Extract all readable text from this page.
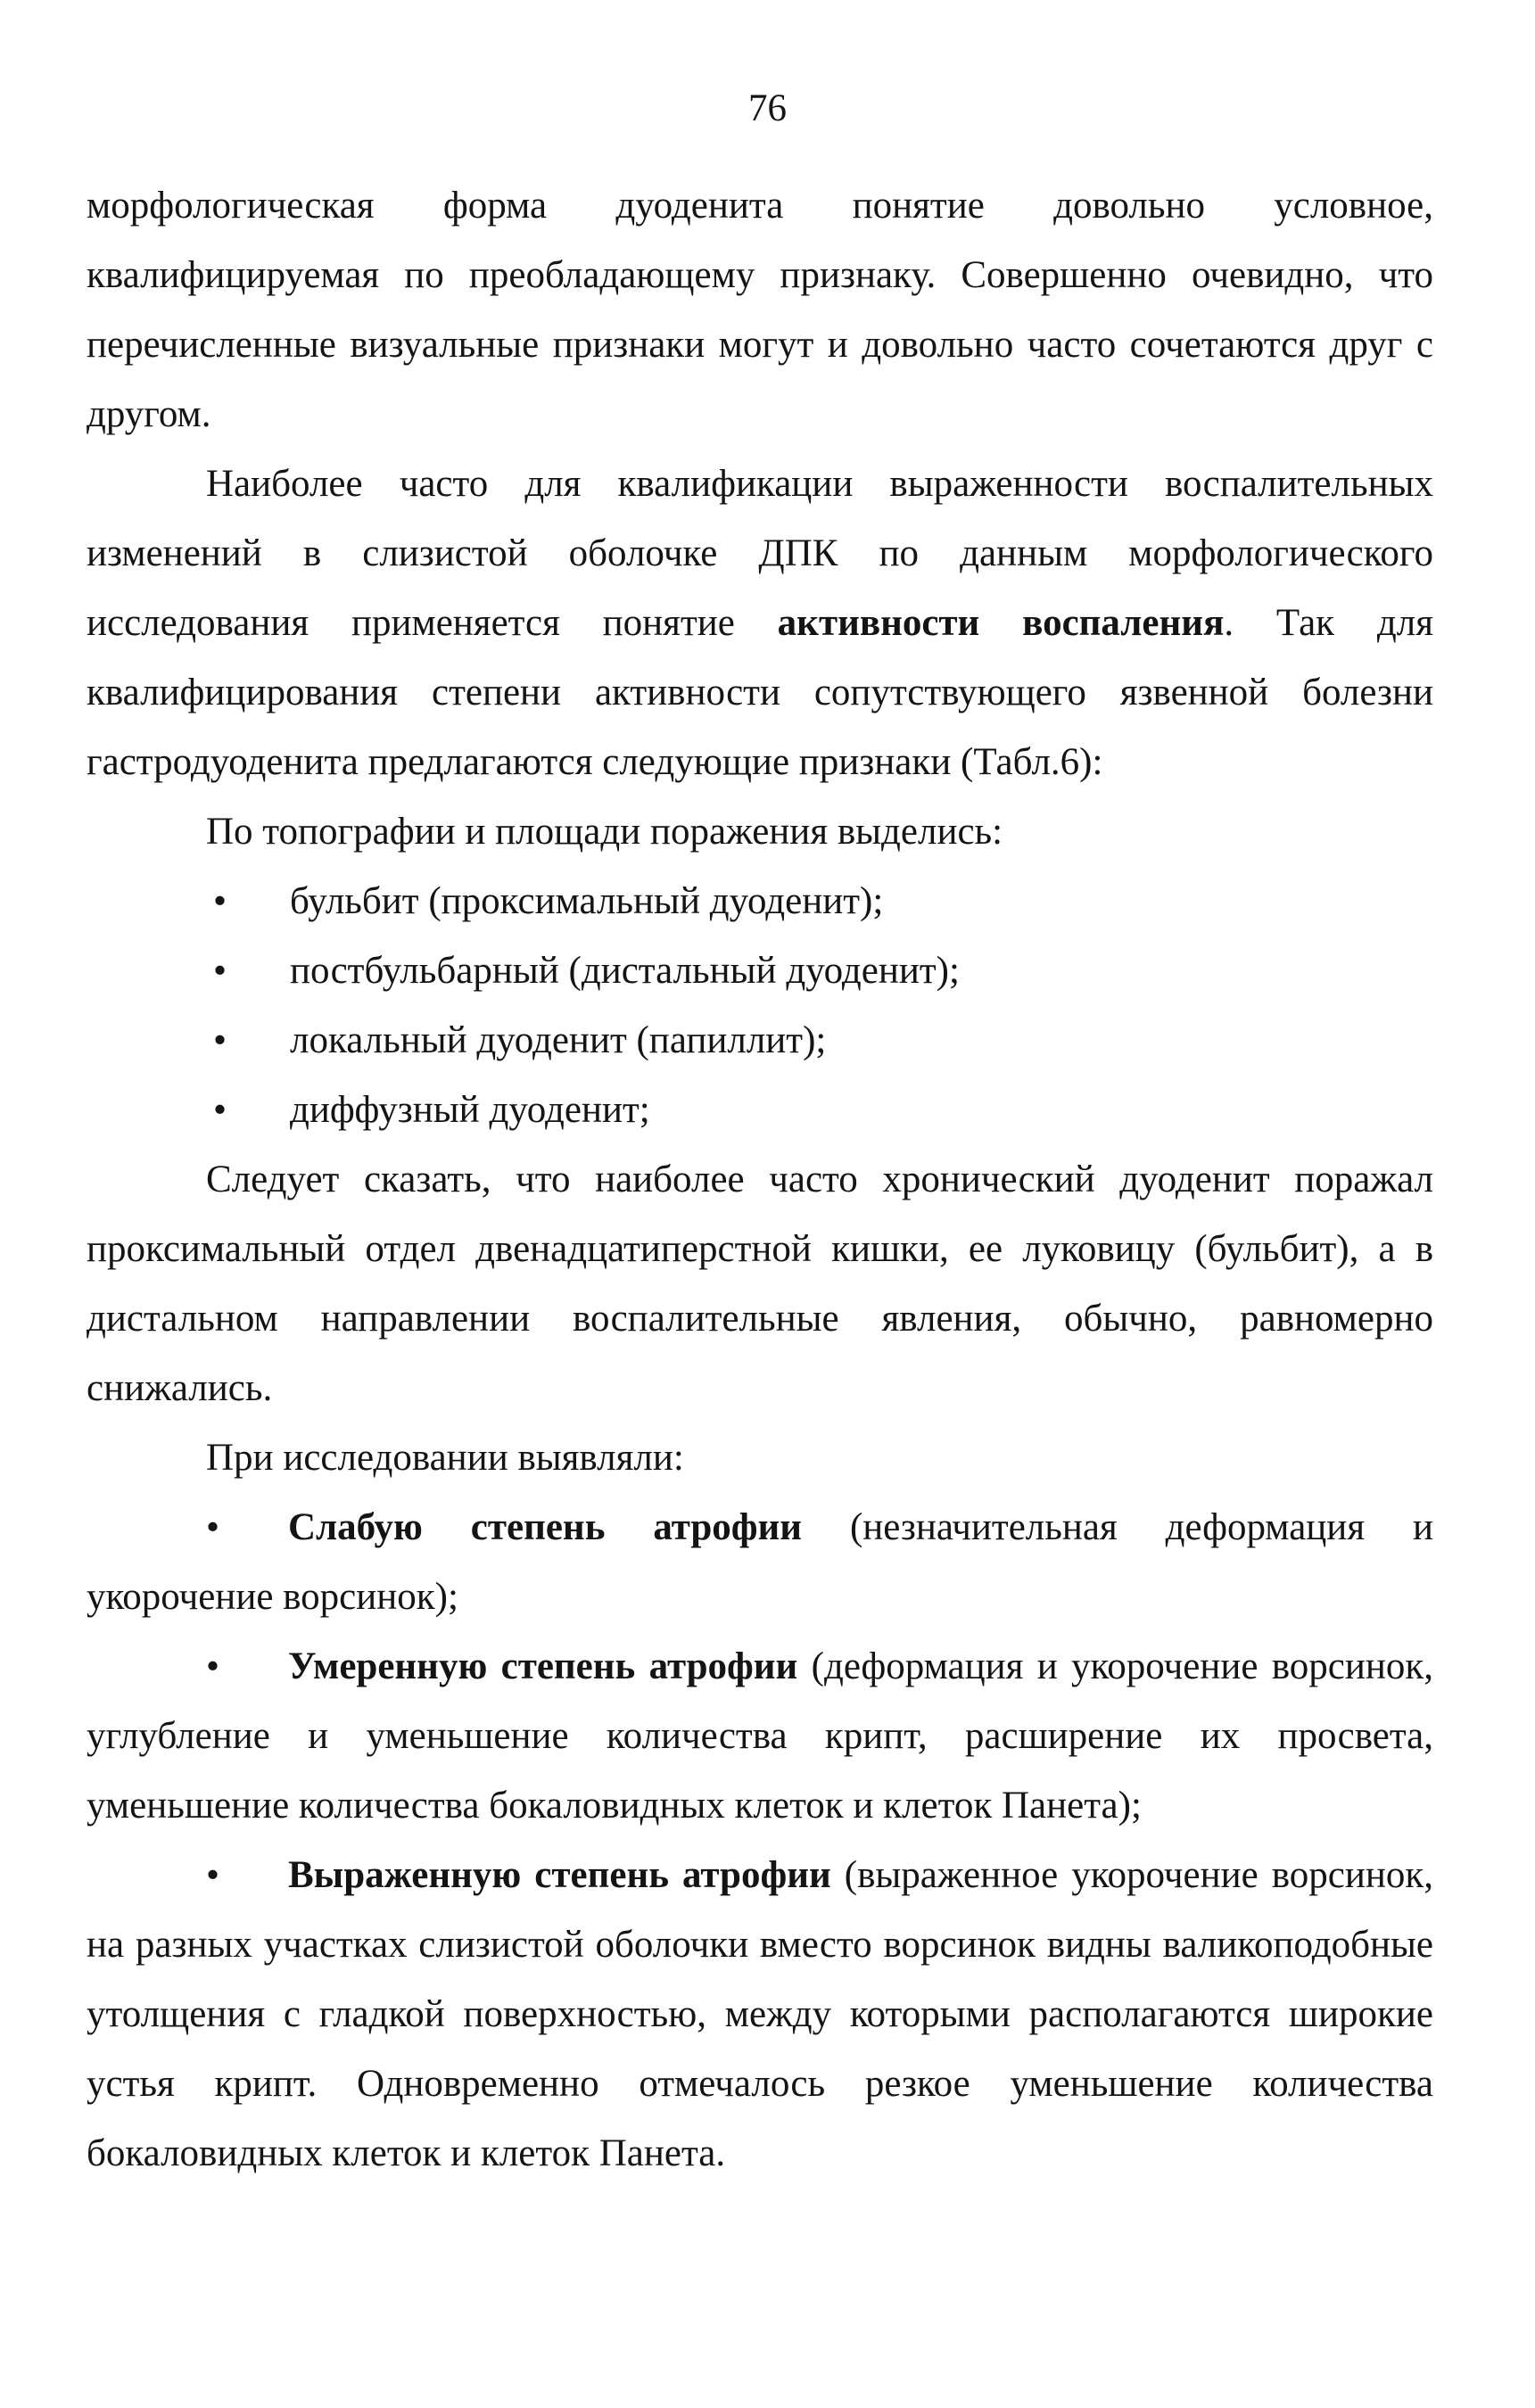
76

морфологическая форма дуоденита понятие довольно условное, квалифицируемая по преобладающему признаку. Совершенно очевидно, что перечисленные визуальные признаки могут и довольно часто сочетаются друг с другом.

Наиболее часто для квалификации выраженности воспалительных изменений в слизистой оболочке ДПК по данным морфологического исследования применяется понятие активности воспаления. Так для квалифицирования степени активности сопутствующего язвенной болезни гастродуоденита предлагаются следующие признаки (Табл.6):

По топографии и площади поражения выделись:

• бульбит (проксимальный дуоденит);
• постбульбарный (дистальный дуоденит);
• локальный дуоденит (папиллит);
• диффузный дуоденит;

Следует сказать, что наиболее часто хронический дуоденит поражал проксимальный отдел двенадцатиперстной кишки, ее луковицу (бульбит), а в дистальном направлении воспалительные явления, обычно, равномерно снижались.

При исследовании выявляли:

• Слабую степень атрофии (незначительная деформация и укорочение ворсинок);

• Умеренную степень атрофии (деформация и укорочение ворсинок, углубление и уменьшение количества крипт, расширение их просвета, уменьшение количества бокаловидных клеток и клеток Панета);

• Выраженную степень атрофии (выраженное укорочение ворсинок, на разных участках слизистой оболочки вместо ворсинок видны валикоподобные утолщения с гладкой поверхностью, между которыми располагаются широкие устья крипт. Одновременно отмечалось резкое уменьшение количества бокаловидных клеток и клеток Панета.
